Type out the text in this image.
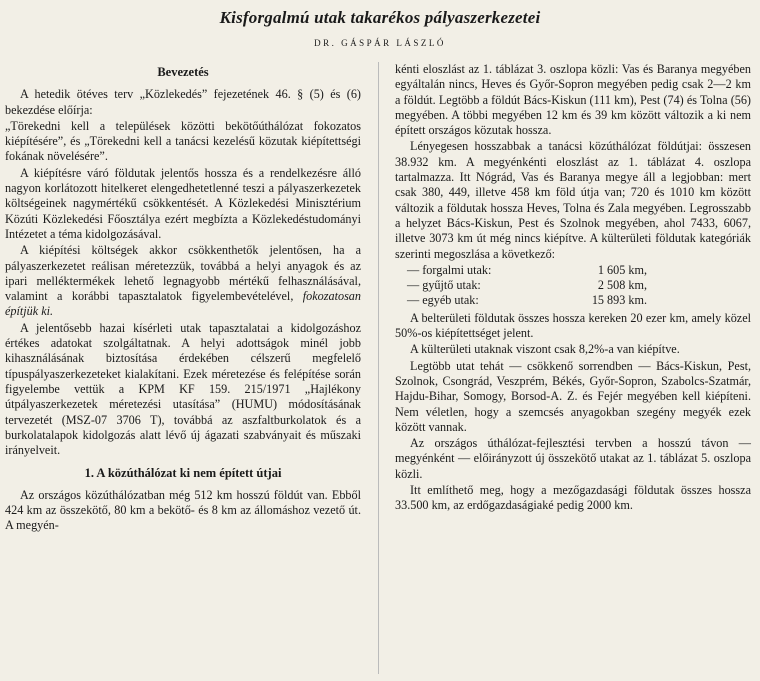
Kisforgalmú utak takarékos pályaszerkezetei
DR. GÁSPÁR LÁSZLÓ
Bevezetés

A hetedik ötéves terv „Közlekedés” fejezetének 46. § (5) és (6) bekezdése előírja:

„Törekedni kell a települések közötti bekötőúthálózat fokozatos kiépítésére”, és „Törekedni kell a tanácsi kezelésű közutak kiépítettségi fokának növelésére”.

A kiépítésre váró földutak jelentős hossza és a rendelkezésre álló nagyon korlátozott hitelkeret elengedhetetlenné teszi a pályaszerkezetek költségeinek nagymértékű csökkentését. A Közlekedési Minisztérium Közúti Közlekedési Főosztálya ezért megbízta a Közlekedéstudományi Intézetet a téma kidolgozásával.

A kiépítési költségek akkor csökkenthetők jelentősen, ha a pályaszerkezetet reálisan méretezzük, továbbá a helyi anyagok és az ipari melléktermékek lehető legnagyobb mértékű felhasználásával, valamint a korábbi tapasztalatok figyelembevételével, fokozatosan építjük ki.

A jelentősebb hazai kísérleti utak tapasztalatai a kidolgozáshoz értékes adatokat szolgáltatnak. A helyi adottságok minél jobb kihasználásának biztosítása érdekében célszerű megfelelő típuspályaszerkezeteket kialakítani. Ezek méretezése és felépítése során figyelembe vettük a KPM KF 159. 215/1971 „Hajlékony útpályaszerkezetek méretezési utasítása” (HUMU) módosításának tervezetét (MSZ-07 3706 T), továbbá az aszfaltburkolatok és a burkolatalapok kidolgozás alatt lévő új ágazati szabványait és műszaki irányelveit.

1. A közúthálózat ki nem épített útjai

Az országos közúthálózatban még 512 km hosszú földút van. Ebből 424 km az összekötő, 80 km a bekötő- és 8 km az állomáshoz vezető út. A megyén-

kénti eloszlást az 1. táblázat 3. oszlopa közli: Vas és Baranya megyében egyáltalán nincs, Heves és Győr-Sopron megyében pedig csak 2—2 km a földút. Legtöbb a földút Bács-Kiskun (111 km), Pest (74) és Tolna (56) megyében. A többi megyében 12 km és 39 km között változik a ki nem épített országos közutak hossza.

Lényegesen hosszabbak a tanácsi közúthálózat földútjai: összesen 38.932 km. A megyénkénti eloszlást az 1. táblázat 4. oszlopa tartalmazza. Itt Nógrád, Vas és Baranya megye áll a legjobban: mert csak 380, 449, illetve 458 km föld útja van; 720 és 1010 km között változik a földutak hossza Heves, Tolna és Zala megyében. Legrosszabb a helyzet Bács-Kiskun, Pest és Szolnok megyében, ahol 7433, 6067, illetve 3073 km út még nincs kiépítve. A külterületi földutak kategóriák szerinti megoszlása a következő:

— forgalmi utak:	1 605 km,
— gyűjtő utak:	2 508 km,
— egyéb utak:	15 893 km.

A belterületi földutak összes hossza kereken 20 ezer km, amely közel 50%-os kiépítettséget jelent.

A külterületi utaknak viszont csak 8,2%-a van kiépítve.

Legtöbb utat tehát — csökkenő sorrendben — Bács-Kiskun, Pest, Szolnok, Csongrád, Veszprém, Békés, Győr-Sopron, Szabolcs-Szatmár, Hajdu-Bihar, Somogy, Borsod-A. Z. és Fejér megyében kell kiépíteni. Nem véletlen, hogy a szemcsés anyagokban szegény megyék ezek között vannak.

Az országos úthálózat-fejlesztési tervben a hosszú távon — megyénként — előirányzott új összekötő utakat az 1. táblázat 5. oszlopa közli.

Itt említhető meg, hogy a mezőgazdasági földutak összes hossza 33.500 km, az erdőgazdaságiaké pedig 2000 km.
